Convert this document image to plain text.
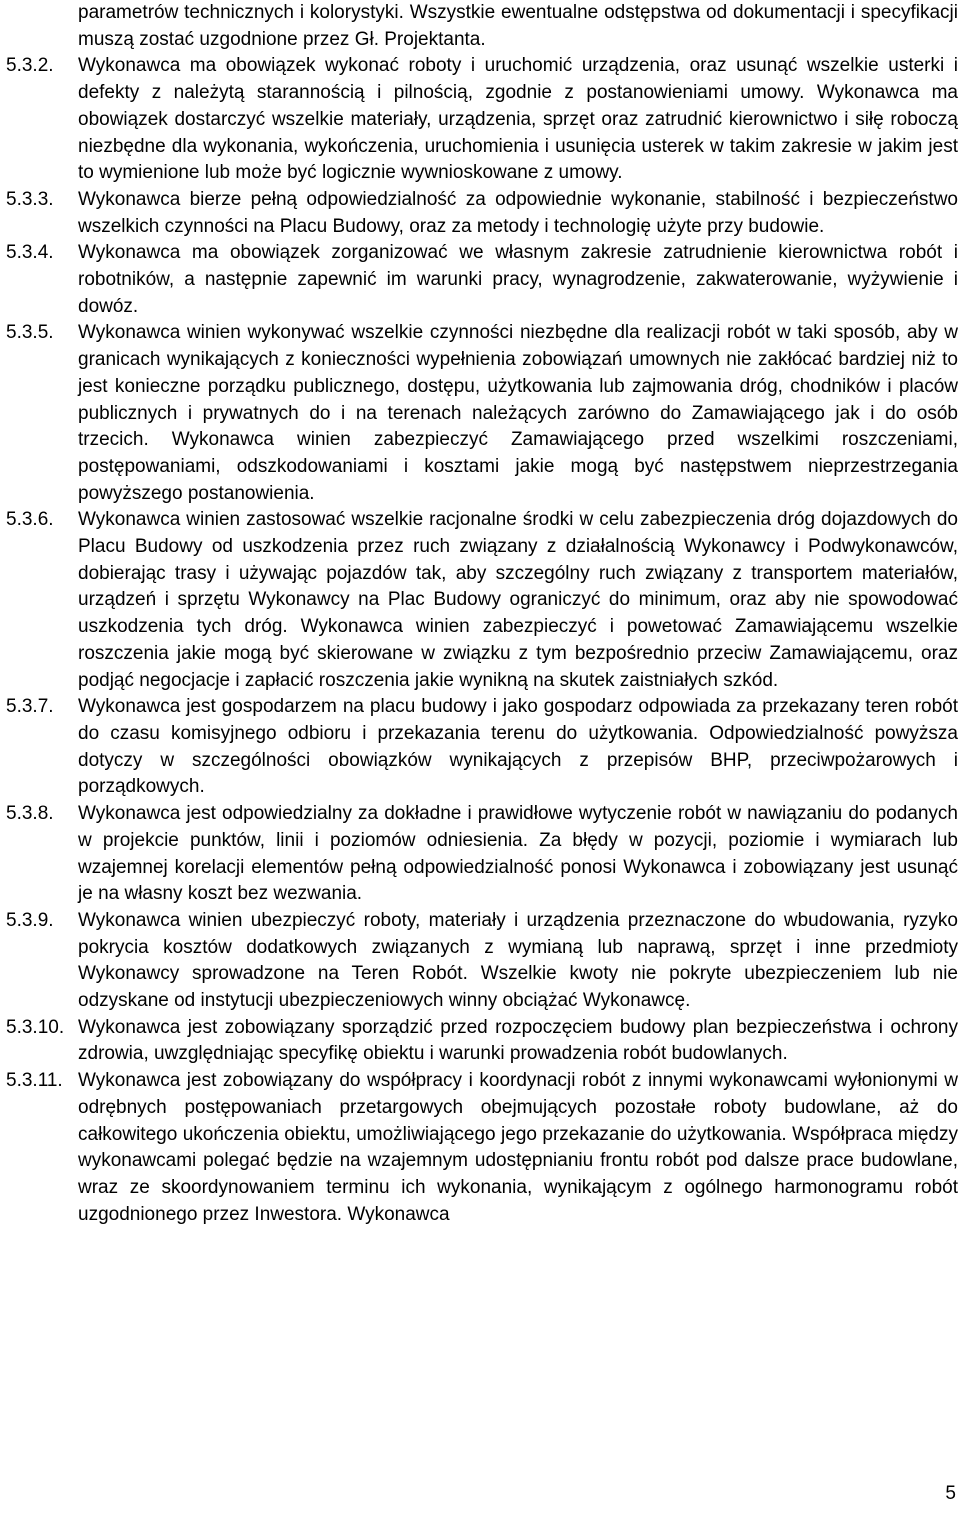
parametrów technicznych i kolorystyki. Wszystkie ewentualne odstępstwa od dokumentacji i specyfikacji muszą zostać uzgodnione przez Gł. Projektanta.
5.3.2.	Wykonawca ma obowiązek wykonać roboty i uruchomić urządzenia, oraz usunąć wszelkie usterki i defekty z należytą starannością i pilnością, zgodnie z postanowieniami umowy. Wykonawca ma obowiązek dostarczyć wszelkie materiały, urządzenia, sprzęt oraz zatrudnić kierownictwo i siłę roboczą niezbędne dla wykonania, wykończenia, uruchomienia i usunięcia usterek w takim zakresie w jakim jest to wymienione lub może być logicznie wywnioskowane z umowy.
5.3.3.	Wykonawca bierze pełną odpowiedzialność za odpowiednie wykonanie, stabilność i bezpieczeństwo wszelkich czynności na Placu Budowy, oraz za metody i technologię użyte przy budowie.
5.3.4.	Wykonawca ma obowiązek zorganizować we własnym zakresie zatrudnienie kierownictwa robót i robotników, a następnie zapewnić im warunki pracy, wynagrodzenie, zakwaterowanie, wyżywienie i dowóz.
5.3.5.	Wykonawca winien wykonywać wszelkie czynności niezbędne dla realizacji robót w taki sposób, aby w granicach wynikających z konieczności wypełnienia zobowiązań umownych nie zakłócać bardziej niż to jest konieczne porządku publicznego, dostępu, użytkowania lub zajmowania dróg, chodników i placów publicznych i prywatnych do i na terenach należących zarówno do Zamawiającego jak i do osób trzecich. Wykonawca winien zabezpieczyć Zamawiającego przed wszelkimi roszczeniami, postępowaniami, odszkodowaniami i kosztami jakie mogą być następstwem nieprzestrzegania powyższego postanowienia.
5.3.6.	Wykonawca winien zastosować wszelkie racjonalne środki w celu zabezpieczenia dróg dojazdowych do Placu Budowy od uszkodzenia przez ruch związany z działalnością Wykonawcy i Podwykonawców, dobierając trasy i używając pojazdów tak, aby szczególny ruch związany z transportem materiałów, urządzeń i sprzętu Wykonawcy na Plac Budowy ograniczyć do minimum, oraz aby nie spowodować uszkodzenia tych dróg. Wykonawca winien zabezpieczyć i powetować Zamawiającemu wszelkie roszczenia jakie mogą być skierowane w związku z tym bezpośrednio przeciw Zamawiającemu, oraz podjąć negocjacje i zapłacić roszczenia jakie wynikną na skutek zaistniałych szkód.
5.3.7.	Wykonawca jest gospodarzem na placu budowy i jako gospodarz odpowiada za przekazany teren robót do czasu komisyjnego odbioru i przekazania terenu do użytkowania. Odpowiedzialność powyższa dotyczy w szczególności obowiązków wynikających z przepisów BHP, przeciwpożarowych i porządkowych.
5.3.8.	Wykonawca jest odpowiedzialny za dokładne i prawidłowe wytyczenie robót w nawiązaniu do podanych w projekcie punktów, linii i poziomów odniesienia. Za błędy w pozycji, poziomie i wymiarach lub wzajemnej korelacji elementów pełną odpowiedzialność ponosi Wykonawca i zobowiązany jest usunąć je na własny koszt bez wezwania.
5.3.9.	Wykonawca winien ubezpieczyć roboty, materiały i urządzenia przeznaczone do wbudowania, ryzyko pokrycia kosztów dodatkowych związanych z wymianą lub naprawą, sprzęt i inne przedmioty Wykonawcy sprowadzone na Teren Robót. Wszelkie kwoty nie pokryte ubezpieczeniem lub nie odzyskane od instytucji ubezpieczeniowych winny obciążać Wykonawcę.
5.3.10. Wykonawca jest zobowiązany sporządzić przed rozpoczęciem budowy plan bezpieczeństwa i ochrony zdrowia, uwzględniając specyfikę obiektu i warunki prowadzenia robót budowlanych.
5.3.11. Wykonawca jest zobowiązany do współpracy i koordynacji robót z innymi wykonawcami wyłonionymi w odrębnych postępowaniach przetargowych obejmujących pozostałe roboty budowlane, aż do całkowitego ukończenia obiektu, umożliwiającego jego przekazanie do użytkowania. Współpraca między wykonawcami polegać będzie na wzajemnym udostępnianiu frontu robót pod dalsze prace budowlane, wraz ze skoordynowaniem terminu ich wykonania, wynikającym z ogólnego harmonogramu robót uzgodnionego przez Inwestora. Wykonawca
5
